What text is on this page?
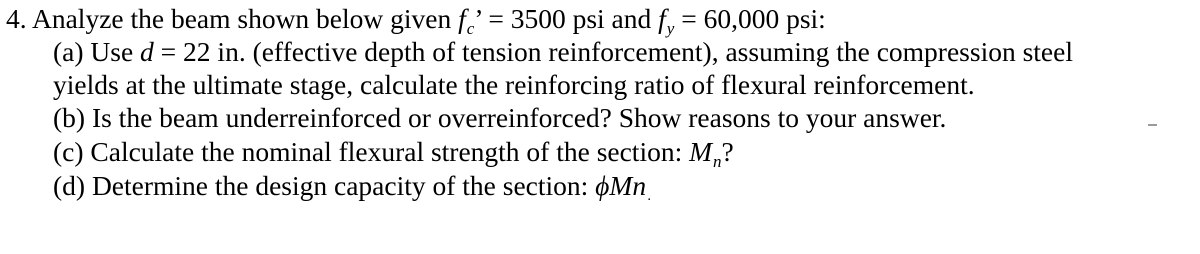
4. Analyze the beam shown below given $f_c$’ = 3500 psi and $f_y = 60,000$ psi:
(a) Use d = 22 in. (effective depth of tension reinforcement), assuming the compression steel
yields at the ultimate stage, calculate the reinforcing ratio of flexural reinforcement.
(b) Is the beam underreinforced or overreinforced? Show reasons to your answer.
(c) Calculate the nominal flexural strength of the section: $M_n$?
(d) Determine the design capacity of the section: ϕMn.
